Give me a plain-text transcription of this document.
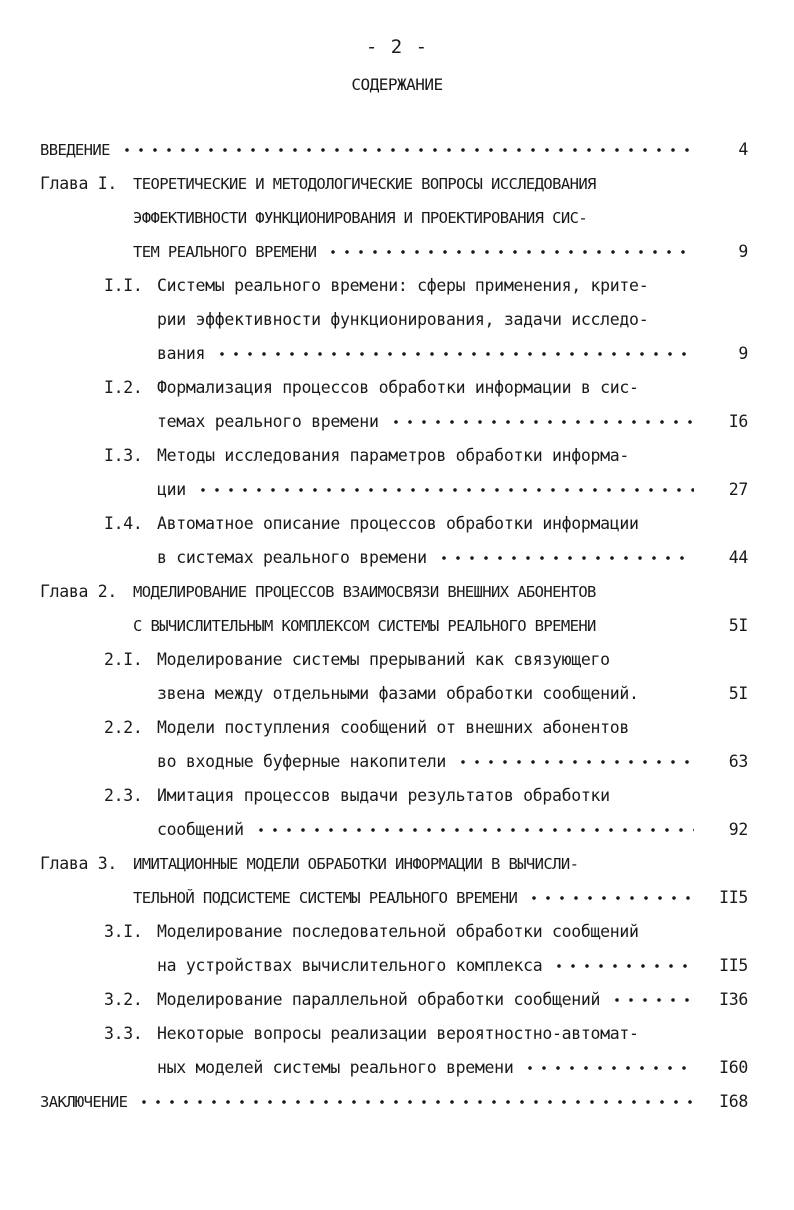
- 2 -
СОДЕРЖАНИЕ
ВВЕДЕНИЕ	4
Глава I. ТЕОРЕТИЧЕСКИЕ И МЕТОДОЛОГИЧЕСКИЕ ВОПРОСЫ ИССЛЕДОВАНИЯ
ЭФФЕКТИВНОСТИ ФУНКЦИОНИРОВАНИЯ И ПРОЕКТИРОВАНИЯ СИС-
ТЕМ РЕАЛЬНОГО ВРЕМЕНИ	9
I.I. Системы реального времени: сферы применения, крите-
рии эффективности функционирования, задачи исследо-
вания	9
I.2. Формализация процессов обработки информации в сис-
темах реального времени	I6
I.3. Методы исследования параметров обработки информа-
ции	27
I.4. Автоматное описание процессов обработки информации
в системах реального времени	44
Глава 2. МОДЕЛИРОВАНИЕ ПРОЦЕССОВ ВЗАИМОСВЯЗИ ВНЕШНИХ АБОНЕНТОВ
С ВЫЧИСЛИТЕЛЬНЫМ КОМПЛЕКСОМ СИСТЕМЫ РЕАЛЬНОГО ВРЕМЕНИ	5I
2.I. Моделирование системы прерываний как связующего
звена между отдельными фазами обработки сообщений.	5I
2.2. Модели поступления сообщений от внешних абонентов
во входные буферные накопители	63
2.3. Имитация процессов выдачи результатов обработки
сообщений	92
Глава 3. ИМИТАЦИОННЫЕ МОДЕЛИ ОБРАБОТКИ ИНФОРМАЦИИ В ВЫЧИСЛИ-
ТЕЛЬНОЙ ПОДСИСТЕМЕ СИСТЕМЫ РЕАЛЬНОГО ВРЕМЕНИ	II5
3.I. Моделирование последовательной обработки сообщений
на устройствах вычислительного комплекса	II5
3.2. Моделирование параллельной обработки сообщений	I36
3.3. Некоторые вопросы реализации вероятностно-автомат-
ных моделей системы реального времени	I60
ЗАКЛЮЧЕНИЕ	I68
